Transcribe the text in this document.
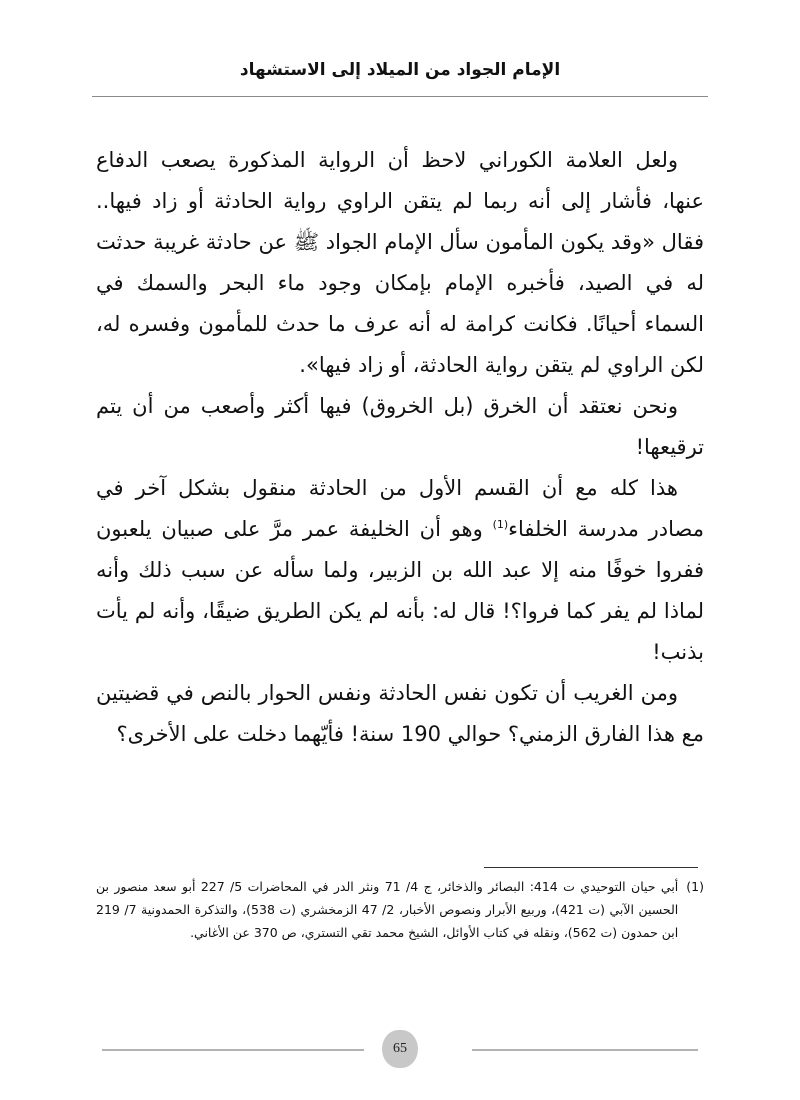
الإمام الجواد من الميلاد إلى الاستشهاد

ولعل العلامة الكوراني لاحظ أن الرواية المذكورة يصعب الدفاع عنها، فأشار إلى أنه ربما لم يتقن الراوي رواية الحادثة أو زاد فيها.. فقال «وقد يكون المأمون سأل الإمام الجواد ﷺ عن حادثة غريبة حدثت له في الصيد، فأخبره الإمام بإمكان وجود ماء البحر والسمك في السماء أحيانًا. فكانت كرامة له أنه عرف ما حدث للمأمون وفسره له، لكن الراوي لم يتقن رواية الحادثة، أو زاد فيها».

ونحن نعتقد أن الخرق (بل الخروق) فيها أكثر وأصعب من أن يتم ترقيعها!

هذا كله مع أن القسم الأول من الحادثة منقول بشكل آخر في مصادر مدرسة الخلفاء$^{(1)}$ وهو أن الخليفة عمر مرَّ على صبيان يلعبون ففروا خوفًا منه إلا عبد الله بن الزبير، ولما سأله عن سبب ذلك وأنه لماذا لم يفر كما فروا؟! قال له: بأنه لم يكن الطريق ضيقًا، وأنه لم يأت بذنب!

ومن الغريب أن تكون نفس الحادثة ونفس الحوار بالنص في قضيتين مع هذا الفارق الزمني؟ حوالي 190 سنة! فأيّهما دخلت على الأخرى؟

(1)
أبي حيان التوحيدي ت 414: البصائر والذخائر، ج 4/ 71 ونثر الدر في المحاضرات 5/ 227 أبو سعد منصور بن الحسين الآبي (ت 421)، وربيع الأبرار ونصوص الأخبار، 2/ 47 الزمخشري (ت 538)، والتذكرة الحمدونية 7/ 219 ابن حمدون (ت 562)، ونقله في كتاب الأوائل، الشيخ محمد تقي التستري، ص 370 عن الأغاني.
65
